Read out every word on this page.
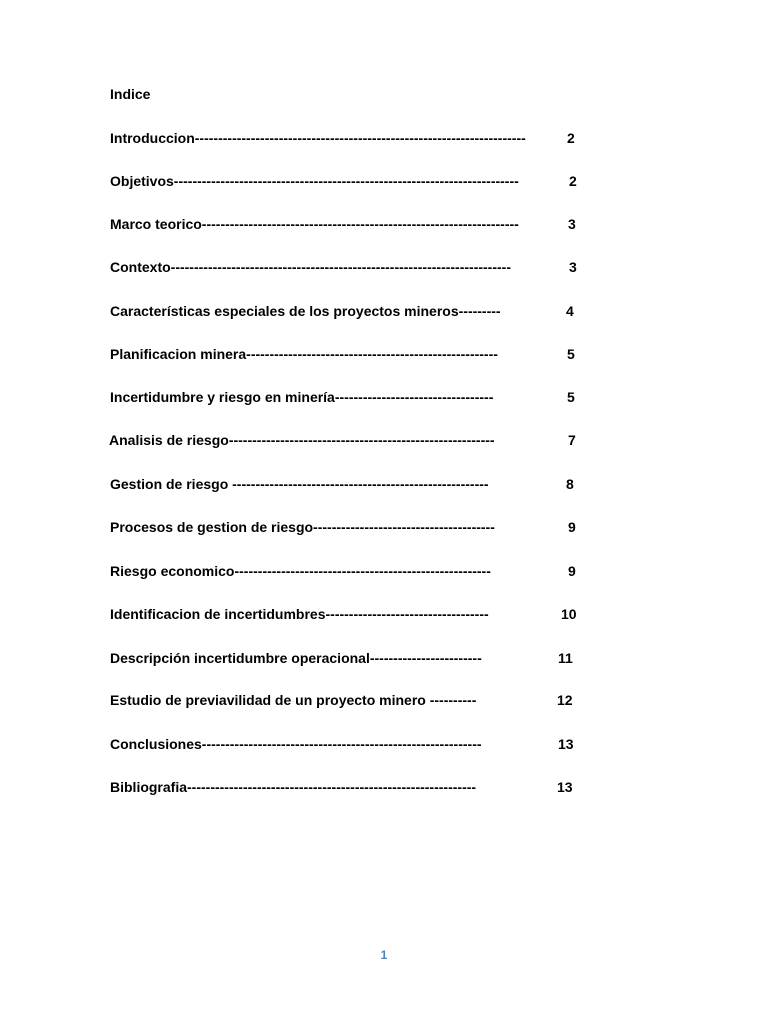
Indice
Introduccion-----------------------------------------------------------------------	2
Objetivos--------------------------------------------------------------------------	2
Marco teorico--------------------------------------------------------------------	3
Contexto-------------------------------------------------------------------------	3
Características especiales de los proyectos mineros---------	4
Planificacion minera------------------------------------------------------	5
Incertidumbre y riesgo en minería----------------------------------	5
Analisis de riesgo---------------------------------------------------------	7
Gestion de riesgo -------------------------------------------------------	8
Procesos de gestion de riesgo---------------------------------------	9
Riesgo economico-------------------------------------------------------	9
Identificacion de incertidumbres-----------------------------------	10
Descripción incertidumbre operacional------------------------	11
Estudio de previavilidad de un proyecto minero ----------	12
Conclusiones------------------------------------------------------------	13
Bibliografia--------------------------------------------------------------	13
1
